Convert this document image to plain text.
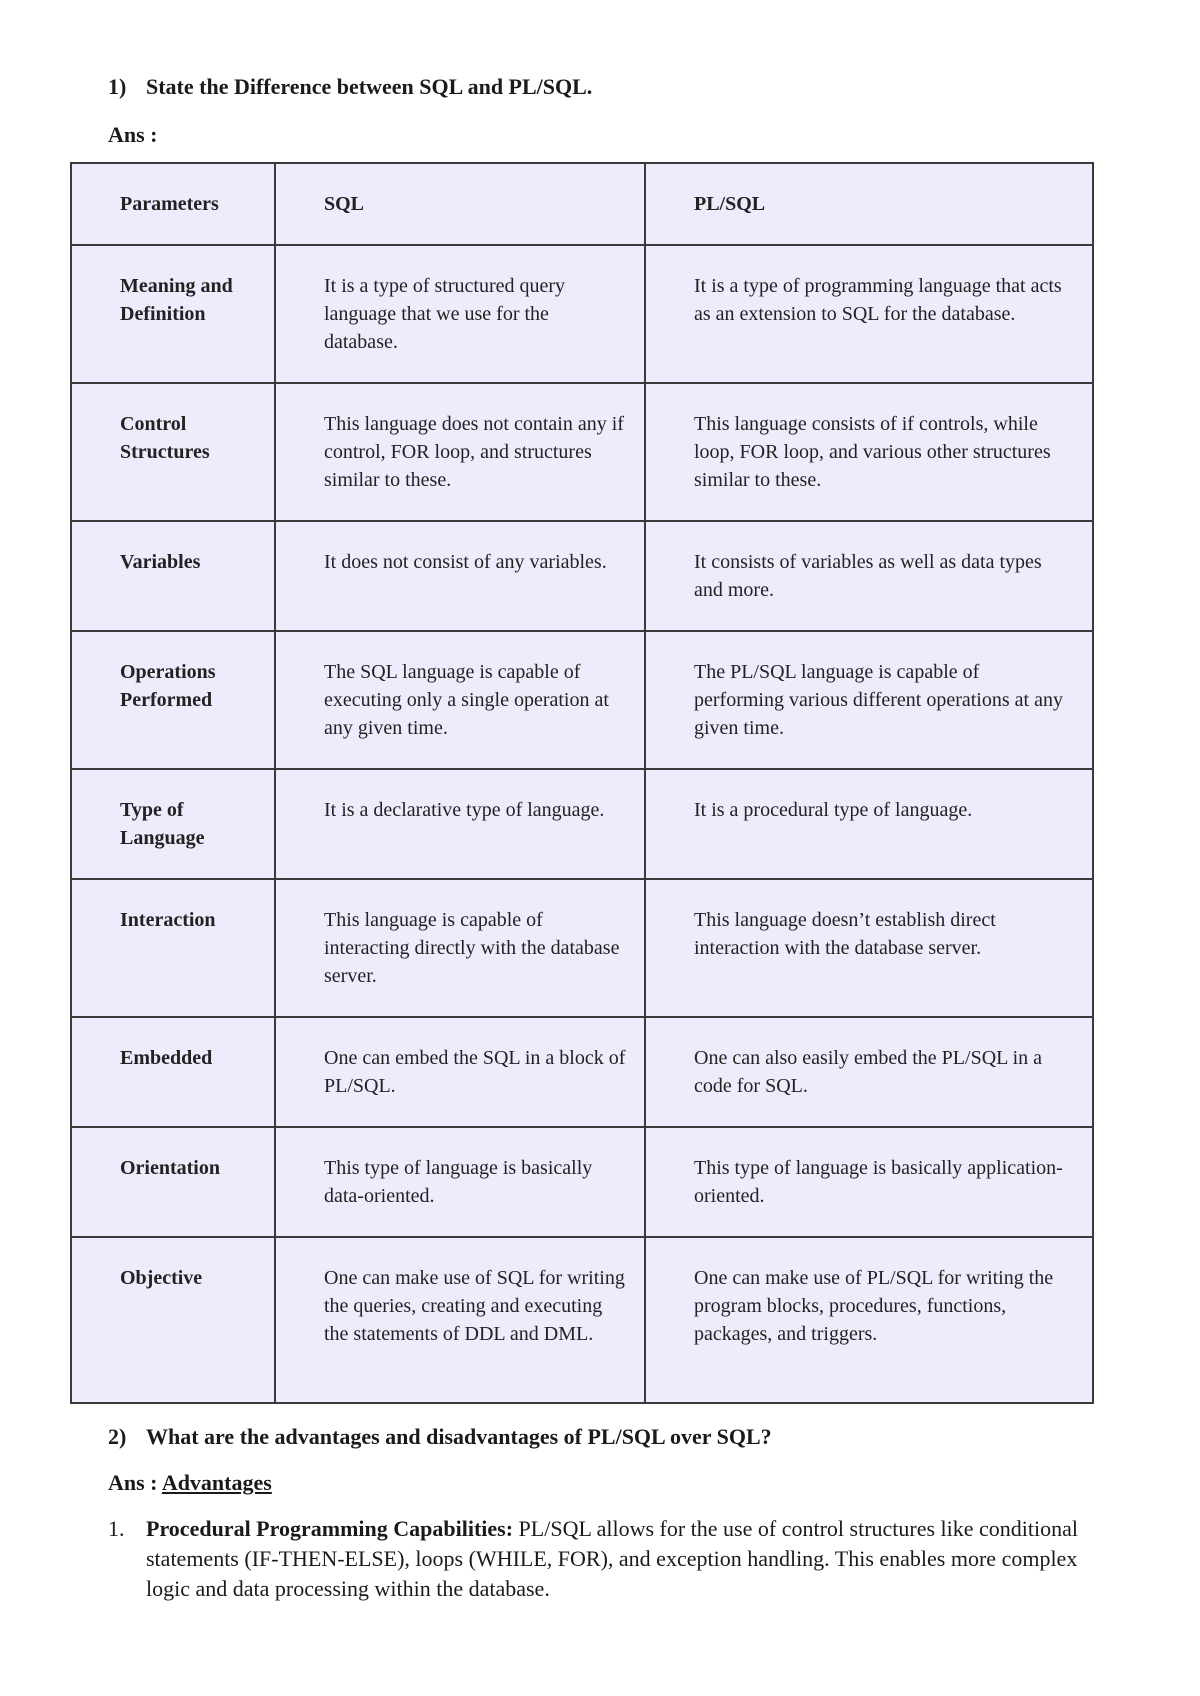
1) State the Difference between SQL and PL/SQL.

Ans :

Parameters	SQL	PL/SQL
Meaning and Definition	It is a type of structured query language that we use for the database.	It is a type of programming language that acts as an extension to SQL for the database.
Control Structures	This language does not contain any if control, FOR loop, and structures similar to these.	This language consists of if controls, while loop, FOR loop, and various other structures similar to these.
Variables	It does not consist of any variables.	It consists of variables as well as data types and more.
Operations Performed	The SQL language is capable of executing only a single operation at any given time.	The PL/SQL language is capable of performing various different operations at any given time.
Type of Language	It is a declarative type of language.	It is a procedural type of language.
Interaction	This language is capable of interacting directly with the database server.	This language doesn’t establish direct interaction with the database server.
Embedded	One can embed the SQL in a block of PL/SQL.	One can also easily embed the PL/SQL in a code for SQL.
Orientation	This type of language is basically data-oriented.	This type of language is basically application-oriented.
Objective	One can make use of SQL for writing the queries, creating and executing the statements of DDL and DML.	One can make use of PL/SQL for writing the program blocks, procedures, functions, packages, and triggers.
2) What are the advantages and disadvantages of PL/SQL over SQL?

Ans : Advantages

1. Procedural Programming Capabilities: PL/SQL allows for the use of control structures like conditional statements (IF-THEN-ELSE), loops (WHILE, FOR), and exception handling. This enables more complex logic and data processing within the database.
